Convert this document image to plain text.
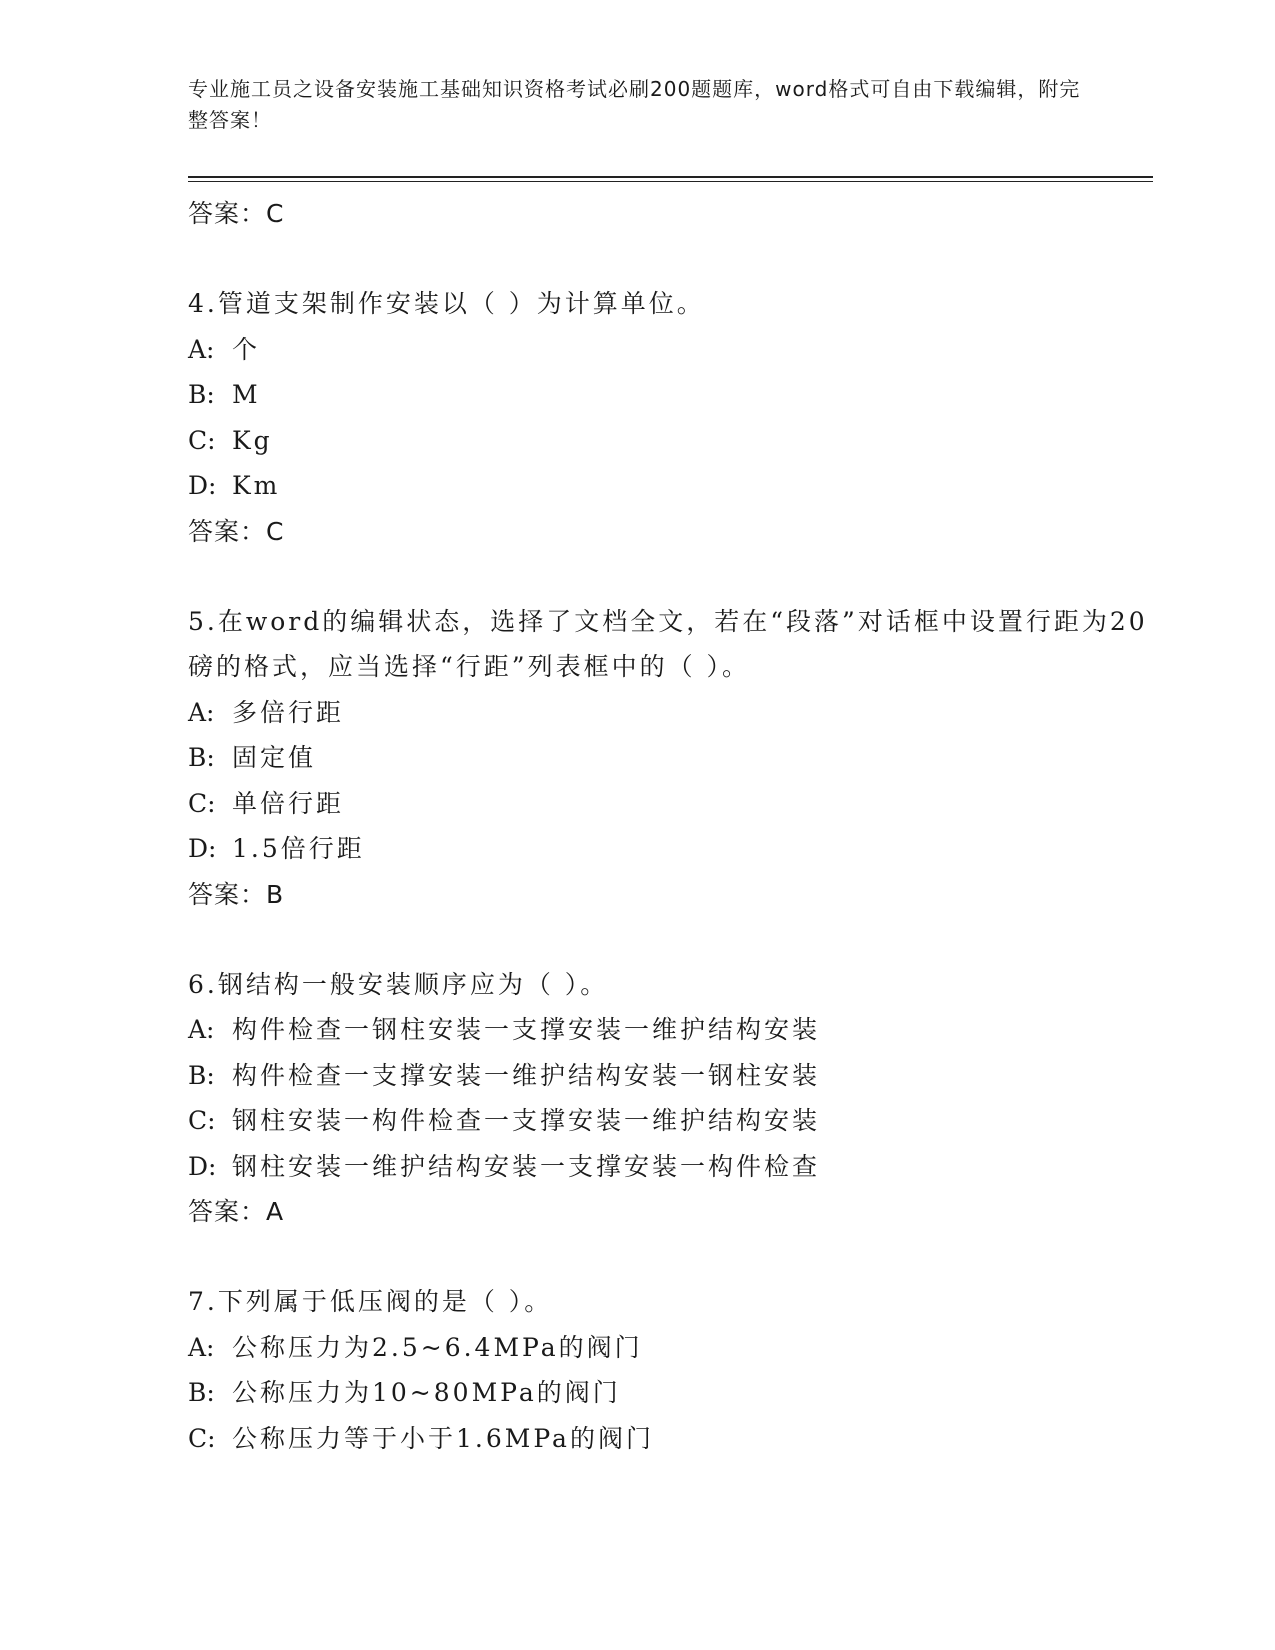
专业施工员之设备安装施工基础知识资格考试必刷200题题库，word格式可自由下载编辑，附完整答案！
答案：C
4.管道支架制作安装以（ ）为计算单位。
A: 个
B: M
C: Kg
D: Km
答案：C
5.在word的编辑状态，选择了文档全文，若在“段落”对话框中设置行距为20磅的格式，应当选择“行距”列表框中的（ ）。
A: 多倍行距
B: 固定值
C: 单倍行距
D: 1.5倍行距
答案：B
6.钢结构一般安装顺序应为（ ）。
A: 构件检查一钢柱安装一支撑安装一维护结构安装
B: 构件检查一支撑安装一维护结构安装一钢柱安装
C: 钢柱安装一构件检查一支撑安装一维护结构安装
D: 钢柱安装一维护结构安装一支撑安装一构件检查
答案：A
7.下列属于低压阀的是（ ）。
A: 公称压力为2.5~6.4MPa的阀门
B: 公称压力为10~80MPa的阀门
C: 公称压力等于小于1.6MPa的阀门
